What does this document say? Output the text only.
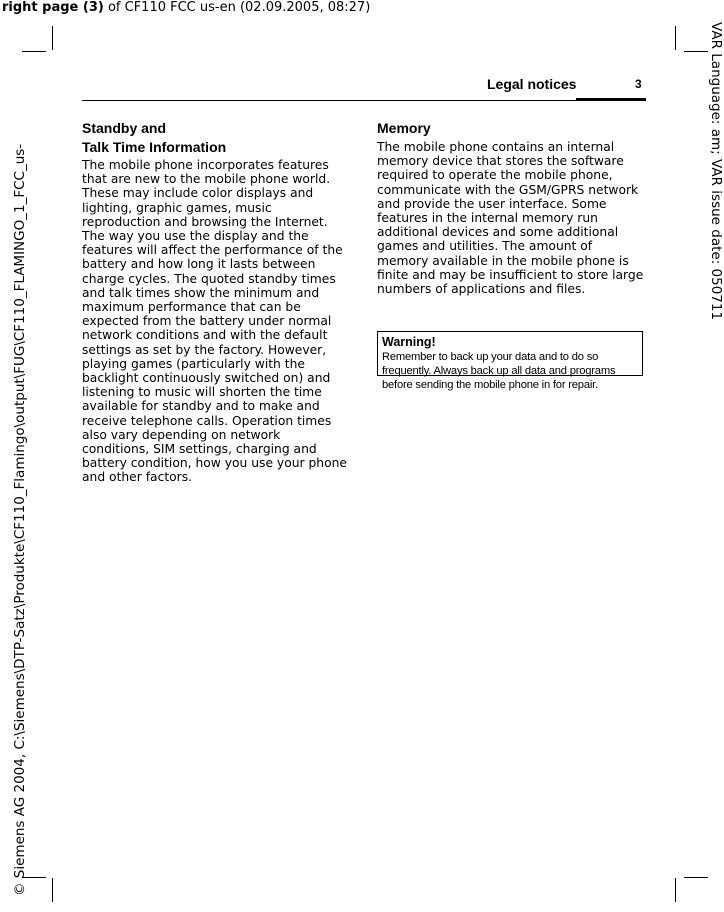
right page (3) of CF110 FCC us-en (02.09.2005, 08:27)
© Siemens AG 2004, C:\Siemens\DTP-Satz\Produkte\CF110_Flamingo\output\FUG\CF110_FLAMINGO_1_FCC_us-	VAR Language: am; VAR issue date: 050711
Legal notices	3
Standby and
Talk Time Information

The mobile phone incorporates features that are new to the mobile phone world. These may include color displays and lighting, graphic games, music reproduction and browsing the Internet. The way you use the display and the features will affect the performance of the battery and how long it lasts between charge cycles. The quoted standby times and talk times show the minimum and maximum performance that can be expected from the battery under normal network conditions and with the default settings as set by the factory. However, playing games (particularly with the backlight continuously switched on) and listening to music will shorten the time available for standby and to make and receive telephone calls. Operation times also vary depending on network conditions, SIM settings, charging and battery condition, how you use your phone and other factors.

Memory

The mobile phone contains an internal memory device that stores the software required to operate the mobile phone, communicate with the GSM/GPRS network and provide the user interface. Some features in the internal memory run additional devices and some additional games and utilities. The amount of memory available in the mobile phone is finite and may be insufficient to store large numbers of applications and files.

Warning!

Remember to back up your data and to do so frequently. Always back up all data and programs before sending the mobile phone in for repair.
